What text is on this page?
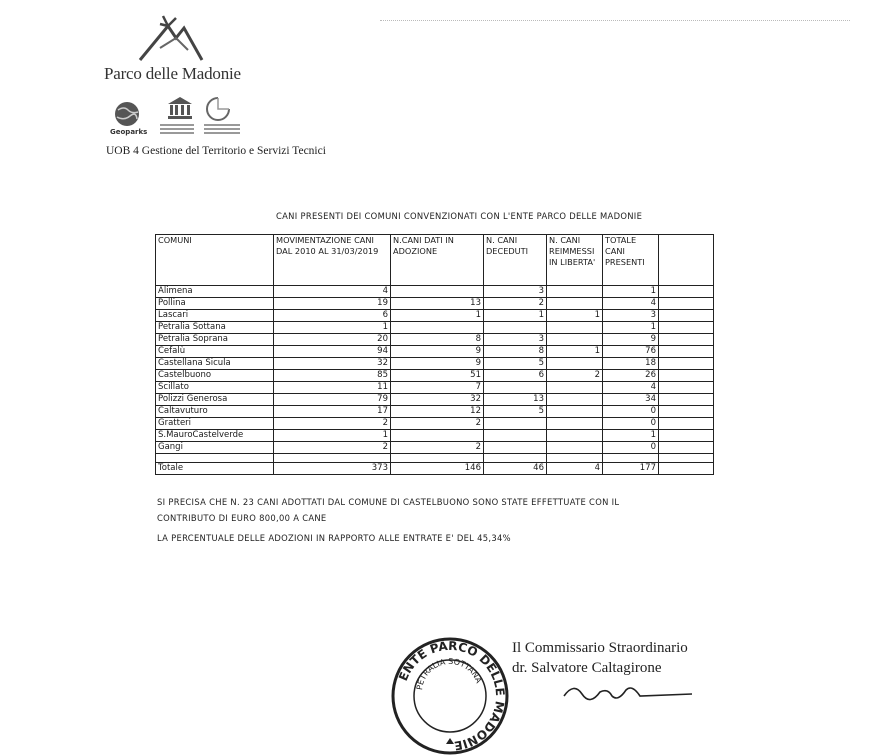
Parco delle Madonie
Geoparks
UOB 4 Gestione del Territorio e Servizi Tecnici
CANI PRESENTI DEI COMUNI CONVENZIONATI CON L'ENTE PARCO DELLE MADONIE
COMUNI	MOVIMENTAZIONE CANI DAL 2010 AL 31/03/2019	N.CANI DATI IN ADOZIONE	N. CANI DECEDUTI	N. CANI REIMMESSI IN LIBERTA'	TOTALE CANI PRESENTI	
Alimena	4		3		1	
Pollina	19	13	2		4	
Lascari	6	1	1	1	3	
Petralia Sottana	1				1	
Petralia Soprana	20	8	3		9	
Cefalù	94	9	8	1	76	
Castellana Sicula	32	9	5		18	
Castelbuono	85	51	6	2	26	
Scillato	11	7			4	
Polizzi Generosa	79	32	13		34	
Caltavuturo	17	12	5		0	
Gratteri	2	2			0	
S.MauroCastelverde	1				1	
Gangi	2	2			0	

Totale	373	146	46	4	177	
SI PRECISA CHE N. 23 CANI ADOTTATI DAL COMUNE DI CASTELBUONO SONO STATE EFFETTUATE CON IL
CONTRIBUTO DI EURO 800,00 A CANE
LA PERCENTUALE DELLE ADOZIONI IN RAPPORTO ALLE ENTRATE E' DEL 45,34%
ENTE PARCO DELLE MADONIE
PETRALIA SOTTANA
Il Commissario Straordinario
dr. Salvatore Caltagirone
